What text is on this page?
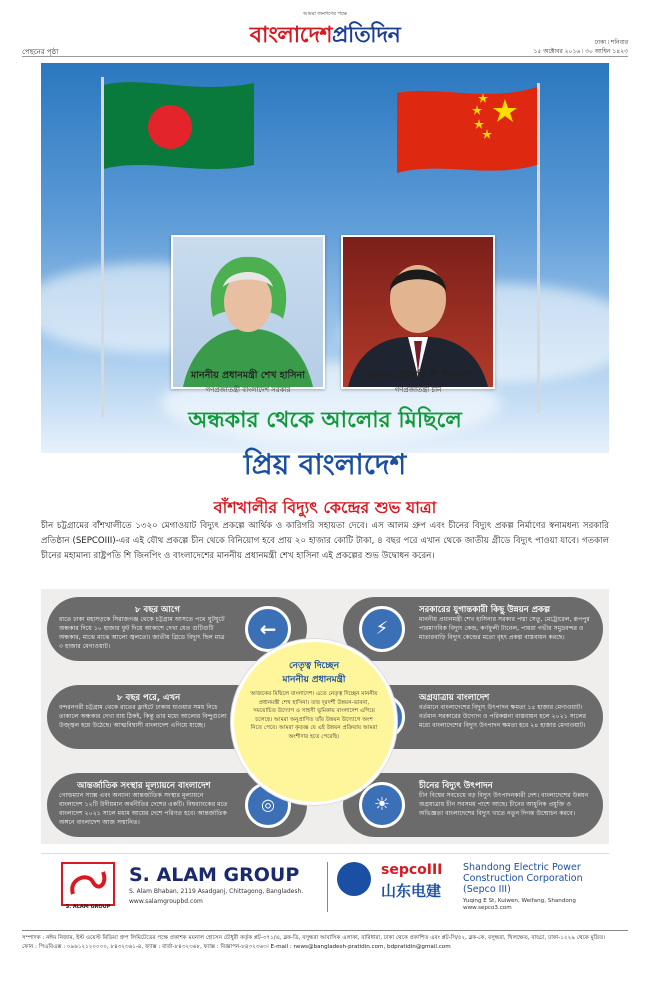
আমরা জনগণের পক্ষে
পেছনের পৃষ্ঠা
বাংলাদেশপ্রতিদিন	ঢাকা ৷ শনিবার
১৫ অক্টোবর ২০১৬ ৷ ৩০ আশ্বিন ১৪২৩
মাননীয় প্রধানমন্ত্রী শেখ হাসিনা
গণপ্রজাতন্ত্রী বাংলাদেশ সরকার
মহামান্য রাষ্ট্রপতি শি জিনপিং
গণপ্রজাতন্ত্রী চীন
অন্ধকার থেকে আলোর মিছিলে
প্রিয় বাংলাদেশ
বাঁশখালীর বিদ্যুৎ কেন্দ্রের শুভ যাত্রা
চীন চট্টগ্রামের বাঁশখালীতে ১৩২০ মেগাওয়াট বিদ্যুৎ প্রকল্পে আর্থিক ও কারিগরি সহায়তা দেবে। এস আলম গ্রুপ এবং চীনের বিদ্যুৎ প্রকল্প নির্মাণের স্বনামধন্য সরকারি প্রতিষ্ঠান (SEPCOIII)-এর এই যৌথ প্রকল্পে চীন থেকে বিনিয়োগ হবে প্রায় ২০ হাজার কোটি টাকা, ৪ বছর পরে এখান থেকে জাতীয় গ্রীডে বিদ্যুৎ পাওয়া যাবে। গতকাল চীনের মহামান্য রাষ্ট্রপতি শি জিনপিং ও বাংলাদেশের মাননীয় প্রধানমন্ত্রী শেখ হাসিনা এই প্রকল্পের শুভ উদ্বোধন করেন।
৮ বছর আগে
রাতে ঢাকা মহাসড়কে সিরাজগঞ্জ থেকে চট্টগ্রাম আসতে পথে ঘুটঘুটে অন্ধকার দিয়ে ১০ হাজার ফুট দিয়ে আকাশে দেখা যেত গুটিগুটি অন্ধকার, মাঝে মাঝে আলো জ্বলতো। জাতীয় গ্রিডে বিদ্যুৎ ছিল মাত্র ৩ হাজার মেগাওয়াট।
←
৮ বছর পরে, এখন
বন্দরনগরী চট্টগ্রাম থেকে রাতের ফ্লাইটে ঢাকায় যাওয়ার সময় নিচে তাকালে অন্ধকার দেখা যায় ঠিকই, কিন্তু তার মধ্যে আলোর বিন্দুগুলো উজ্জ্বল হয়ে উঠেছে। আত্মবিশ্বাসী বাংলাদেশ এগিয়ে যাচ্ছে।
আন্তর্জাতিক সংস্থার মূল্যায়নে বাংলাদেশ
গোল্ডম্যান স্যাক্স এবং অন্যান্য আন্তর্জাতিক সংস্থার মূল্যায়নে বাংলাদেশ ১২টি উদীয়মান অর্থনীতির দেশের একটি। বিশ্বব্যাংকের মতে বাংলাদেশ ২০২১ সালে মধ্যম আয়ের দেশে পরিণত হবে। আন্তর্জাতিক অঙ্গনে বাংলাদেশ আজ সম্মানিত।
◎
⚡
সরকারের যুগান্তকারী কিছু উন্নয়ন প্রকল্প
মাননীয় প্রধানমন্ত্রী শেখ হাসিনার সরকার পদ্মা সেতু, মেট্রোরেল, রূপপুর পারমাণবিক বিদ্যুৎ কেন্দ্র, কর্ণফুলী টানেল, পায়রা গভীর সমুদ্রবন্দর ও মাতারবাড়ি বিদ্যুৎ কেন্দ্রের মতো বৃহৎ প্রকল্প বাস্তবায়ন করছে।
অগ্রযাত্রায় বাংলাদেশ
বর্তমানে বাংলাদেশের বিদ্যুৎ উৎপাদন ক্ষমতা ১৫ হাজার মেগাওয়াট। বর্তমান সরকারের উদ্যোগ ও পরিকল্পনা বাস্তবায়ন হলে ২০২১ সালের মধ্যে বাংলাদেশের বিদ্যুৎ উৎপাদন ক্ষমতা হবে ২৪ হাজার মেগাওয়াট।
☀
চীনের বিদ্যুৎ উৎপাদন
চীন বিশ্বের সবচেয়ে বড় বিদ্যুৎ উৎপাদনকারী দেশ। বাংলাদেশের উন্নয়ন অগ্রযাত্রায় চীন সবসময় পাশে আছে। চীনের আধুনিক প্রযুক্তি ও অভিজ্ঞতা বাংলাদেশের বিদ্যুৎ খাতে নতুন দিগন্ত উন্মোচন করবে।
নেতৃত্ব দিচ্ছেন
মাননীয় প্রধানমন্ত্রী
আজকের মিছিলে বাংলাদেশ। এতে নেতৃত্ব দিচ্ছেন মাননীয় প্রধানমন্ত্রী শেখ হাসিনা। তার দূরদর্শী উন্নয়ন-ভাবনা, সময়োচিত উদ্যোগ ও সাহসী ভূমিকায় বাংলাদেশ এগিয়ে চলেছে। আমরা অনুপ্রাণিত তাঁর উন্নয়ন উদ্যোগে অংশ নিতে পেরে। আমরা কৃতজ্ঞ যে এই উন্নয়ন প্রক্রিয়ায় আমরা অংশীদার হতে পেরেছি।
S. ALAM GROUP
S. ALAM GROUP
S. Alam Bhaban, 2119 Asadganj, Chittagong, Bangladesh.
www.salamgroupbd.com
sepcoIII
山东电建
Shandong Electric Power Construction Corporation (Sepco III)
Yuqing E St, Kuiwen, Weifang, Shandong
www.sepco3.com
সম্পাদক : নঈম নিজাম, ইস্ট ওয়েস্ট মিডিয়া গ্রুপ লিমিটেডের পক্ষে প্রকাশক ময়নাল হোসেন চৌধুরী কর্তৃক প্লট-৩৭১/এ, ব্লক-ডি, বসুন্ধরা আবাসিক এলাকা, বারিধারা, ঢাকা থেকে প্রকাশিত এবং প্লট-সি/৫২, ব্লক-কে, বসুন্ধরা, খিলক্ষেত, বাড্ডা, ঢাকা-১২২৯ থেকে মুদ্রিত।
ফোন : পিএবিএক্স : ০৯৬১২১২০০০০, ৮৪৩২৩৬১-৪, ফ্যাক্স : বার্তা-৮৪৩২৩৬৮, ফ্যাক্স : বিজ্ঞাপন-৮৪৩২৩৬৩। E-mail : news@bangladesh-pratidin.com, bdpratidin@gmail.com
